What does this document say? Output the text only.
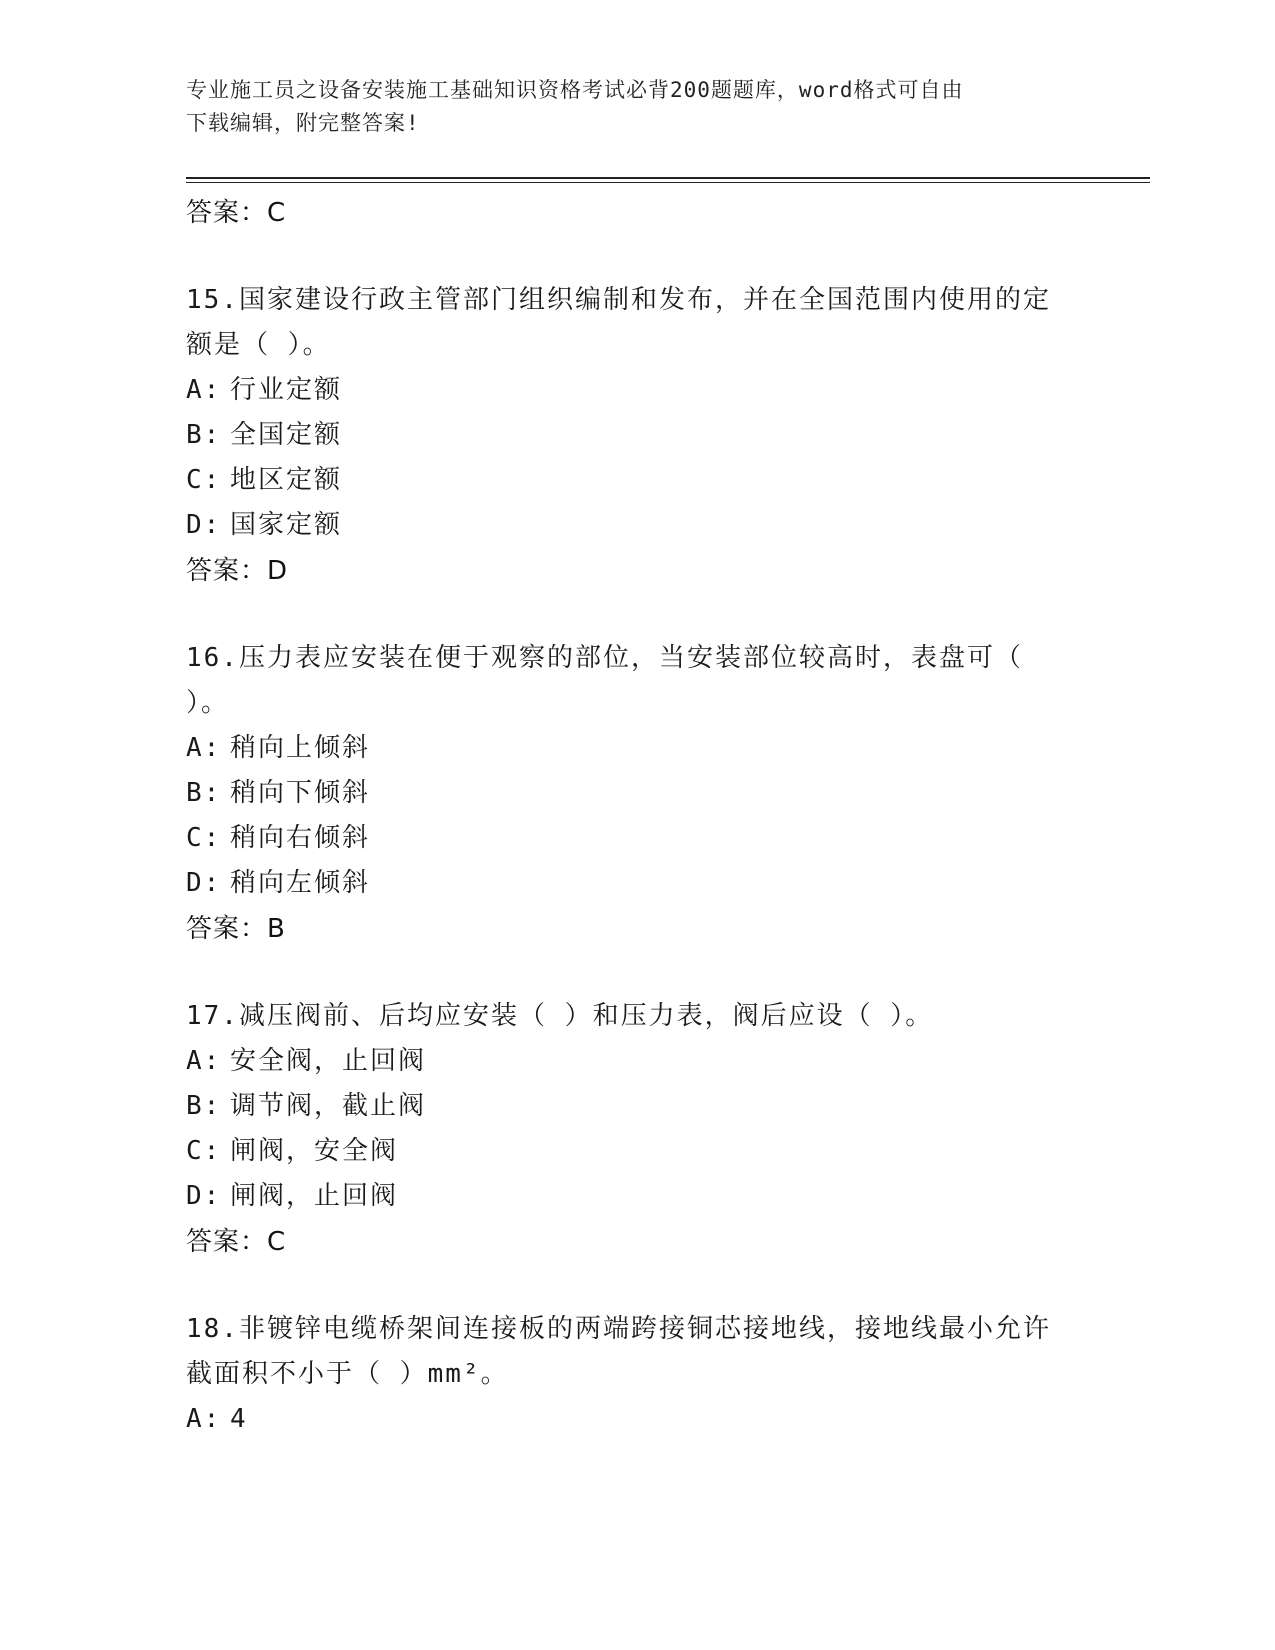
专业施工员之设备安装施工基础知识资格考试必背200题题库，word格式可自由
下载编辑，附完整答案!
答案：C
15.国家建设行政主管部门组织编制和发布，并在全国范围内使用的定
额是（ ）。
A: 行业定额
B: 全国定额
C: 地区定额
D: 国家定额
答案：D
16.压力表应安装在便于观察的部位，当安装部位较高时，表盘可（
）。
A: 稍向上倾斜
B: 稍向下倾斜
C: 稍向右倾斜
D: 稍向左倾斜
答案：B
17.减压阀前、后均应安装（ ）和压力表，阀后应设（ ）。
A: 安全阀，止回阀
B: 调节阀，截止阀
C: 闸阀，安全阀
D: 闸阀，止回阀
答案：C
18.非镀锌电缆桥架间连接板的两端跨接铜芯接地线，接地线最小允许
截面积不小于（ ）mm²。
A: 4
